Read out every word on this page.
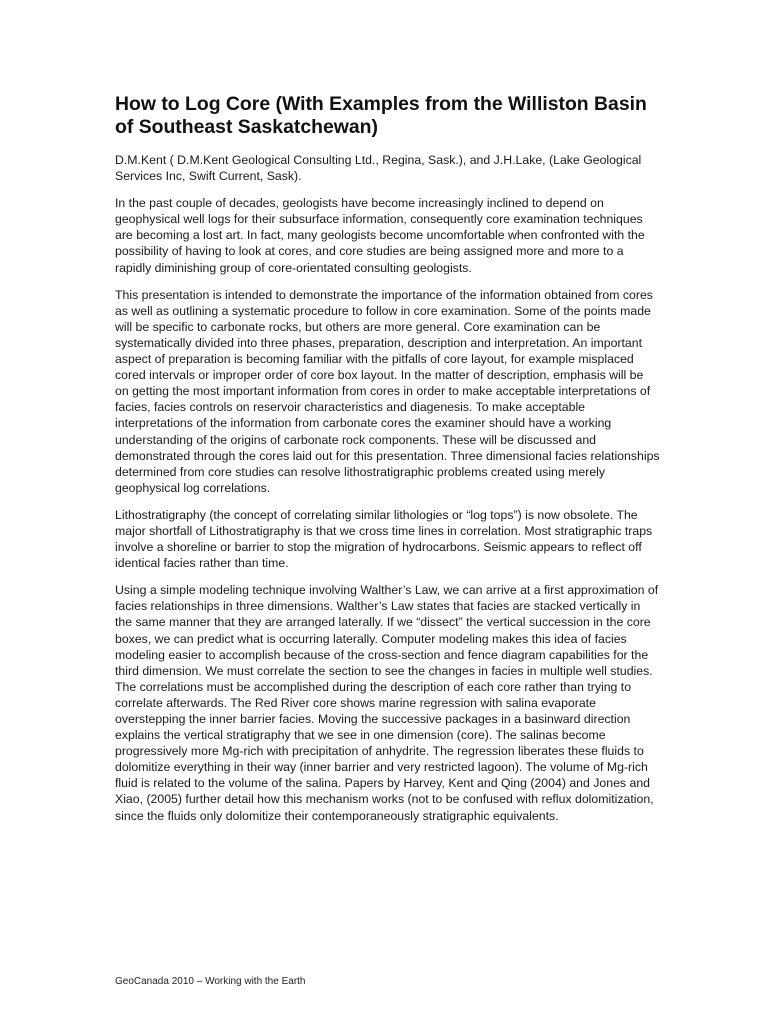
How to Log Core (With Examples from the Williston Basin of Southeast Saskatchewan)

D.M.Kent ( D.M.Kent Geological Consulting Ltd., Regina, Sask.), and J.H.Lake, (Lake Geological Services Inc, Swift Current, Sask).

In the past couple of decades, geologists have become increasingly inclined to depend on geophysical well logs for their subsurface information, consequently core examination techniques are becoming a lost art. In fact, many geologists become uncomfortable when confronted with the possibility of having to look at cores, and core studies are being assigned more and more to a rapidly diminishing group of core-orientated consulting geologists.

This presentation is intended to demonstrate the importance of the information obtained from cores as well as outlining a systematic procedure to follow in core examination. Some of the points made will be specific to carbonate rocks, but others are more general. Core examination can be systematically divided into three phases, preparation, description and interpretation. An important aspect of preparation is becoming familiar with the pitfalls of core layout, for example misplaced cored intervals or improper order of core box layout. In the matter of description, emphasis will be on getting the most important information from cores in order to make acceptable interpretations of facies, facies controls on reservoir characteristics and diagenesis. To make acceptable interpretations of the information from carbonate cores the examiner should have a working understanding of the origins of carbonate rock components. These will be discussed and demonstrated through the cores laid out for this presentation. Three dimensional facies relationships determined from core studies can resolve lithostratigraphic problems created using merely geophysical log correlations.

Lithostratigraphy (the concept of correlating similar lithologies or “log tops”) is now obsolete. The major shortfall of Lithostratigraphy is that we cross time lines in correlation. Most stratigraphic traps involve a shoreline or barrier to stop the migration of hydrocarbons. Seismic appears to reflect off identical facies rather than time.

Using a simple modeling technique involving Walther’s Law, we can arrive at a first approximation of facies relationships in three dimensions. Walther’s Law states that facies are stacked vertically in the same manner that they are arranged laterally. If we “dissect” the vertical succession in the core boxes, we can predict what is occurring laterally. Computer modeling makes this idea of facies modeling easier to accomplish because of the cross-section and fence diagram capabilities for the third dimension. We must correlate the section to see the changes in facies in multiple well studies. The correlations must be accomplished during the description of each core rather than trying to correlate afterwards. The Red River core shows marine regression with salina evaporate overstepping the inner barrier facies. Moving the successive packages in a basinward direction explains the vertical stratigraphy that we see in one dimension (core). The salinas become progressively more Mg-rich with precipitation of anhydrite. The regression liberates these fluids to dolomitize everything in their way (inner barrier and very restricted lagoon). The volume of Mg-rich fluid is related to the volume of the salina. Papers by Harvey, Kent and Qing (2004) and Jones and Xiao, (2005) further detail how this mechanism works (not to be confused with reflux dolomitization, since the fluids only dolomitize their contemporaneously stratigraphic equivalents.

GeoCanada 2010 – Working with the Earth
